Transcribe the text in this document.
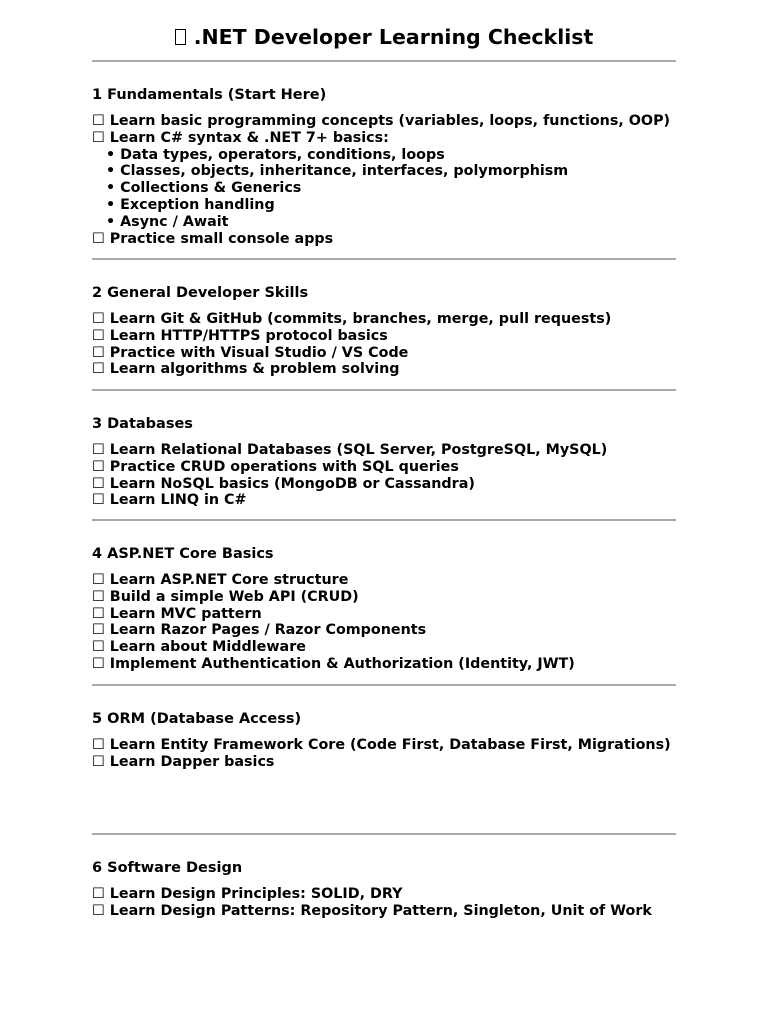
.NET Developer Learning Checklist
1 Fundamentals (Start Here)
☐ Learn basic programming concepts (variables, loops, functions, OOP)
☐ Learn C# syntax & .NET 7+ basics:
• Data types, operators, conditions, loops
• Classes, objects, inheritance, interfaces, polymorphism
• Collections & Generics
• Exception handling
• Async / Await
☐ Practice small console apps
2 General Developer Skills
☐ Learn Git & GitHub (commits, branches, merge, pull requests)
☐ Learn HTTP/HTTPS protocol basics
☐ Practice with Visual Studio / VS Code
☐ Learn algorithms & problem solving
3 Databases
☐ Learn Relational Databases (SQL Server, PostgreSQL, MySQL)
☐ Practice CRUD operations with SQL queries
☐ Learn NoSQL basics (MongoDB or Cassandra)
☐ Learn LINQ in C#
4 ASP.NET Core Basics
☐ Learn ASP.NET Core structure
☐ Build a simple Web API (CRUD)
☐ Learn MVC pattern
☐ Learn Razor Pages / Razor Components
☐ Learn about Middleware
☐ Implement Authentication & Authorization (Identity, JWT)
5 ORM (Database Access)
☐ Learn Entity Framework Core (Code First, Database First, Migrations)
☐ Learn Dapper basics
6 Software Design
☐ Learn Design Principles: SOLID, DRY
☐ Learn Design Patterns: Repository Pattern, Singleton, Unit of Work
